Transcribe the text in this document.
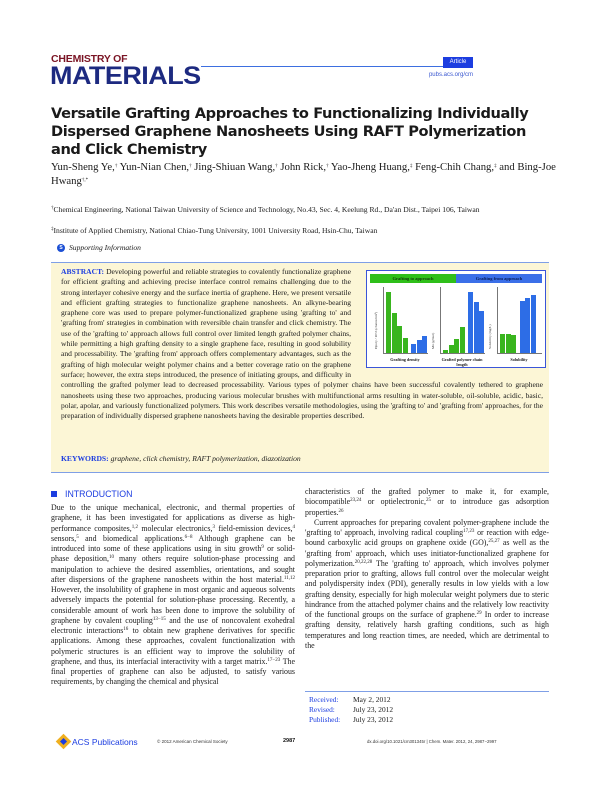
CHEMISTRY OF
MATERIALS	Article
pubs.acs.org/cm
Versatile Grafting Approaches to Functionalizing Individually Dispersed Graphene Nanosheets Using RAFT Polymerization and Click Chemistry
Yun-Sheng Ye,† Yun-Nian Chen,† Jing-Shiuan Wang,† John Rick,† Yao-Jheng Huang,‡ Feng-Chih Chang,‡ and Bing-Joe Hwang†,*
†Chemical Engineering, National Taiwan University of Science and Technology, No.43, Sec. 4, Keelung Rd., Da'an Dist., Taipei 106, Taiwan
‡Institute of Applied Chemistry, National Chiao-Tung University, 1001 University Road, Hsin-Chu, Taiwan
S Supporting Information
ABSTRACT: Developing powerful and reliable strategies to covalently functionalize graphene for efficient grafting and achieving precise interface control remains challenging due to the strong interlayer cohesive energy and the surface inertia of graphene. Here, we present versatile and efficient grafting strategies to functionalize graphene nanosheets. An alkyne-bearing graphene core was used to prepare polymer-functionalized graphene using 'grafting to' and 'grafting from' strategies in combination with reversible chain transfer and click chemistry. The use of the 'grafting to' approach allows full control over limited length grafted polymer chains, while permitting a high grafting density to a single graphene face, resulting in good solubility and processability. The 'grafting from' approach offers complementary advantages, such as the grafting of high molecular weight polymer chains and a better coverage ratio on the graphene surface; however, the extra steps introduced, the presence of initiating groups, and difficulty in controlling the grafted polymer lead to decreased processability. Various types of polymer chains have been successful covalently tethered to graphene nanosheets using these two approaches, producing various molecular brushes with multifunctional arms resulting in water-soluble, oil-soluble, acidic, basic, polar, apolar, and variously functionalized polymers. This work describes versatile methodologies, using the 'grafting to' and 'grafting from' approaches, for the preparation of individually dispersed graphene nanosheets having the desirable properties described.
KEYWORDS: graphene, click chemistry, RAFT polymerization, diazotization
Grafting to approach	Grafting from approach
Dpoly / 10^3 (chains/nm²)
Grafting density
Mn (g/mol)
Grafted polymer chain length
Solubility (mg/L)
Solubility
INTRODUCTION

Due to the unique mechanical, electronic, and thermal properties of graphene, it has been investigated for applications as diverse as high-performance composites,$^{1,2}$ molecular electronics,$^3$ field-emission devices,$^4$ sensors,$^5$ and biomedical applications.$^{6-8}$ Although graphene can be introduced into some of these applications using in situ growth$^9$ or solid-phase deposition,$^{10}$ many others require solution-phase processing and manipulation to achieve the desired assemblies, orientations, and sought after dispersions of the graphene nanosheets within the host material.$^{11,12}$ However, the insolubility of graphene in most organic and aqueous solvents adversely impacts the potential for solution-phase processing. Recently, a considerable amount of work has been done to improve the solubility of graphene by covalent coupling$^{13-15}$ and the use of noncovalent exohedral electronic interactions$^{16}$ to obtain new graphene derivatives for specific applications. Among these approaches, covalent functionalization with polymeric structures is an efficient way to improve the solubility of graphene, and thus, its interfacial interactivity with a target matrix.$^{17-23}$ The final properties of graphene can also be adjusted, to satisfy various requirements, by changing the chemical and physical

characteristics of the grafted polymer to make it, for example, biocompatible$^{23,24}$ or optielectronic,$^{25}$ or to introduce gas adsorption properties.$^{26}$

Current approaches for preparing covalent polymer-graphene include the 'grafting to' approach, involving radical coupling$^{17,23}$ or reaction with edge-bound carboxylic acid groups on graphene oxide (GO),$^{25,27}$ as well as the 'grafting from' approach, which uses initiator-functionalized graphene for polymerization.$^{20,22,28}$ The 'grafting to' approach, which involves polymer preparation prior to grafting, allows full control over the molecular weight and polydispersity index (PDI), generally results in low yields with a low grafting density, especially for high molecular weight polymers due to steric hindrance from the attached polymer chains and the relatively low reactivity of the functional groups on the surface of graphene.$^{29}$ In order to increase grafting density, relatively harsh grafting conditions, such as high temperatures and long reaction times, are needed, which are detrimental to the

Received: May 2, 2012
Revised: July 23, 2012
Published: July 23, 2012
ACS Publications	© 2012 American Chemical Society	2987	dx.doi.org/10.1021/cm301345r | Chem. Mater. 2012, 24, 2987−2997
